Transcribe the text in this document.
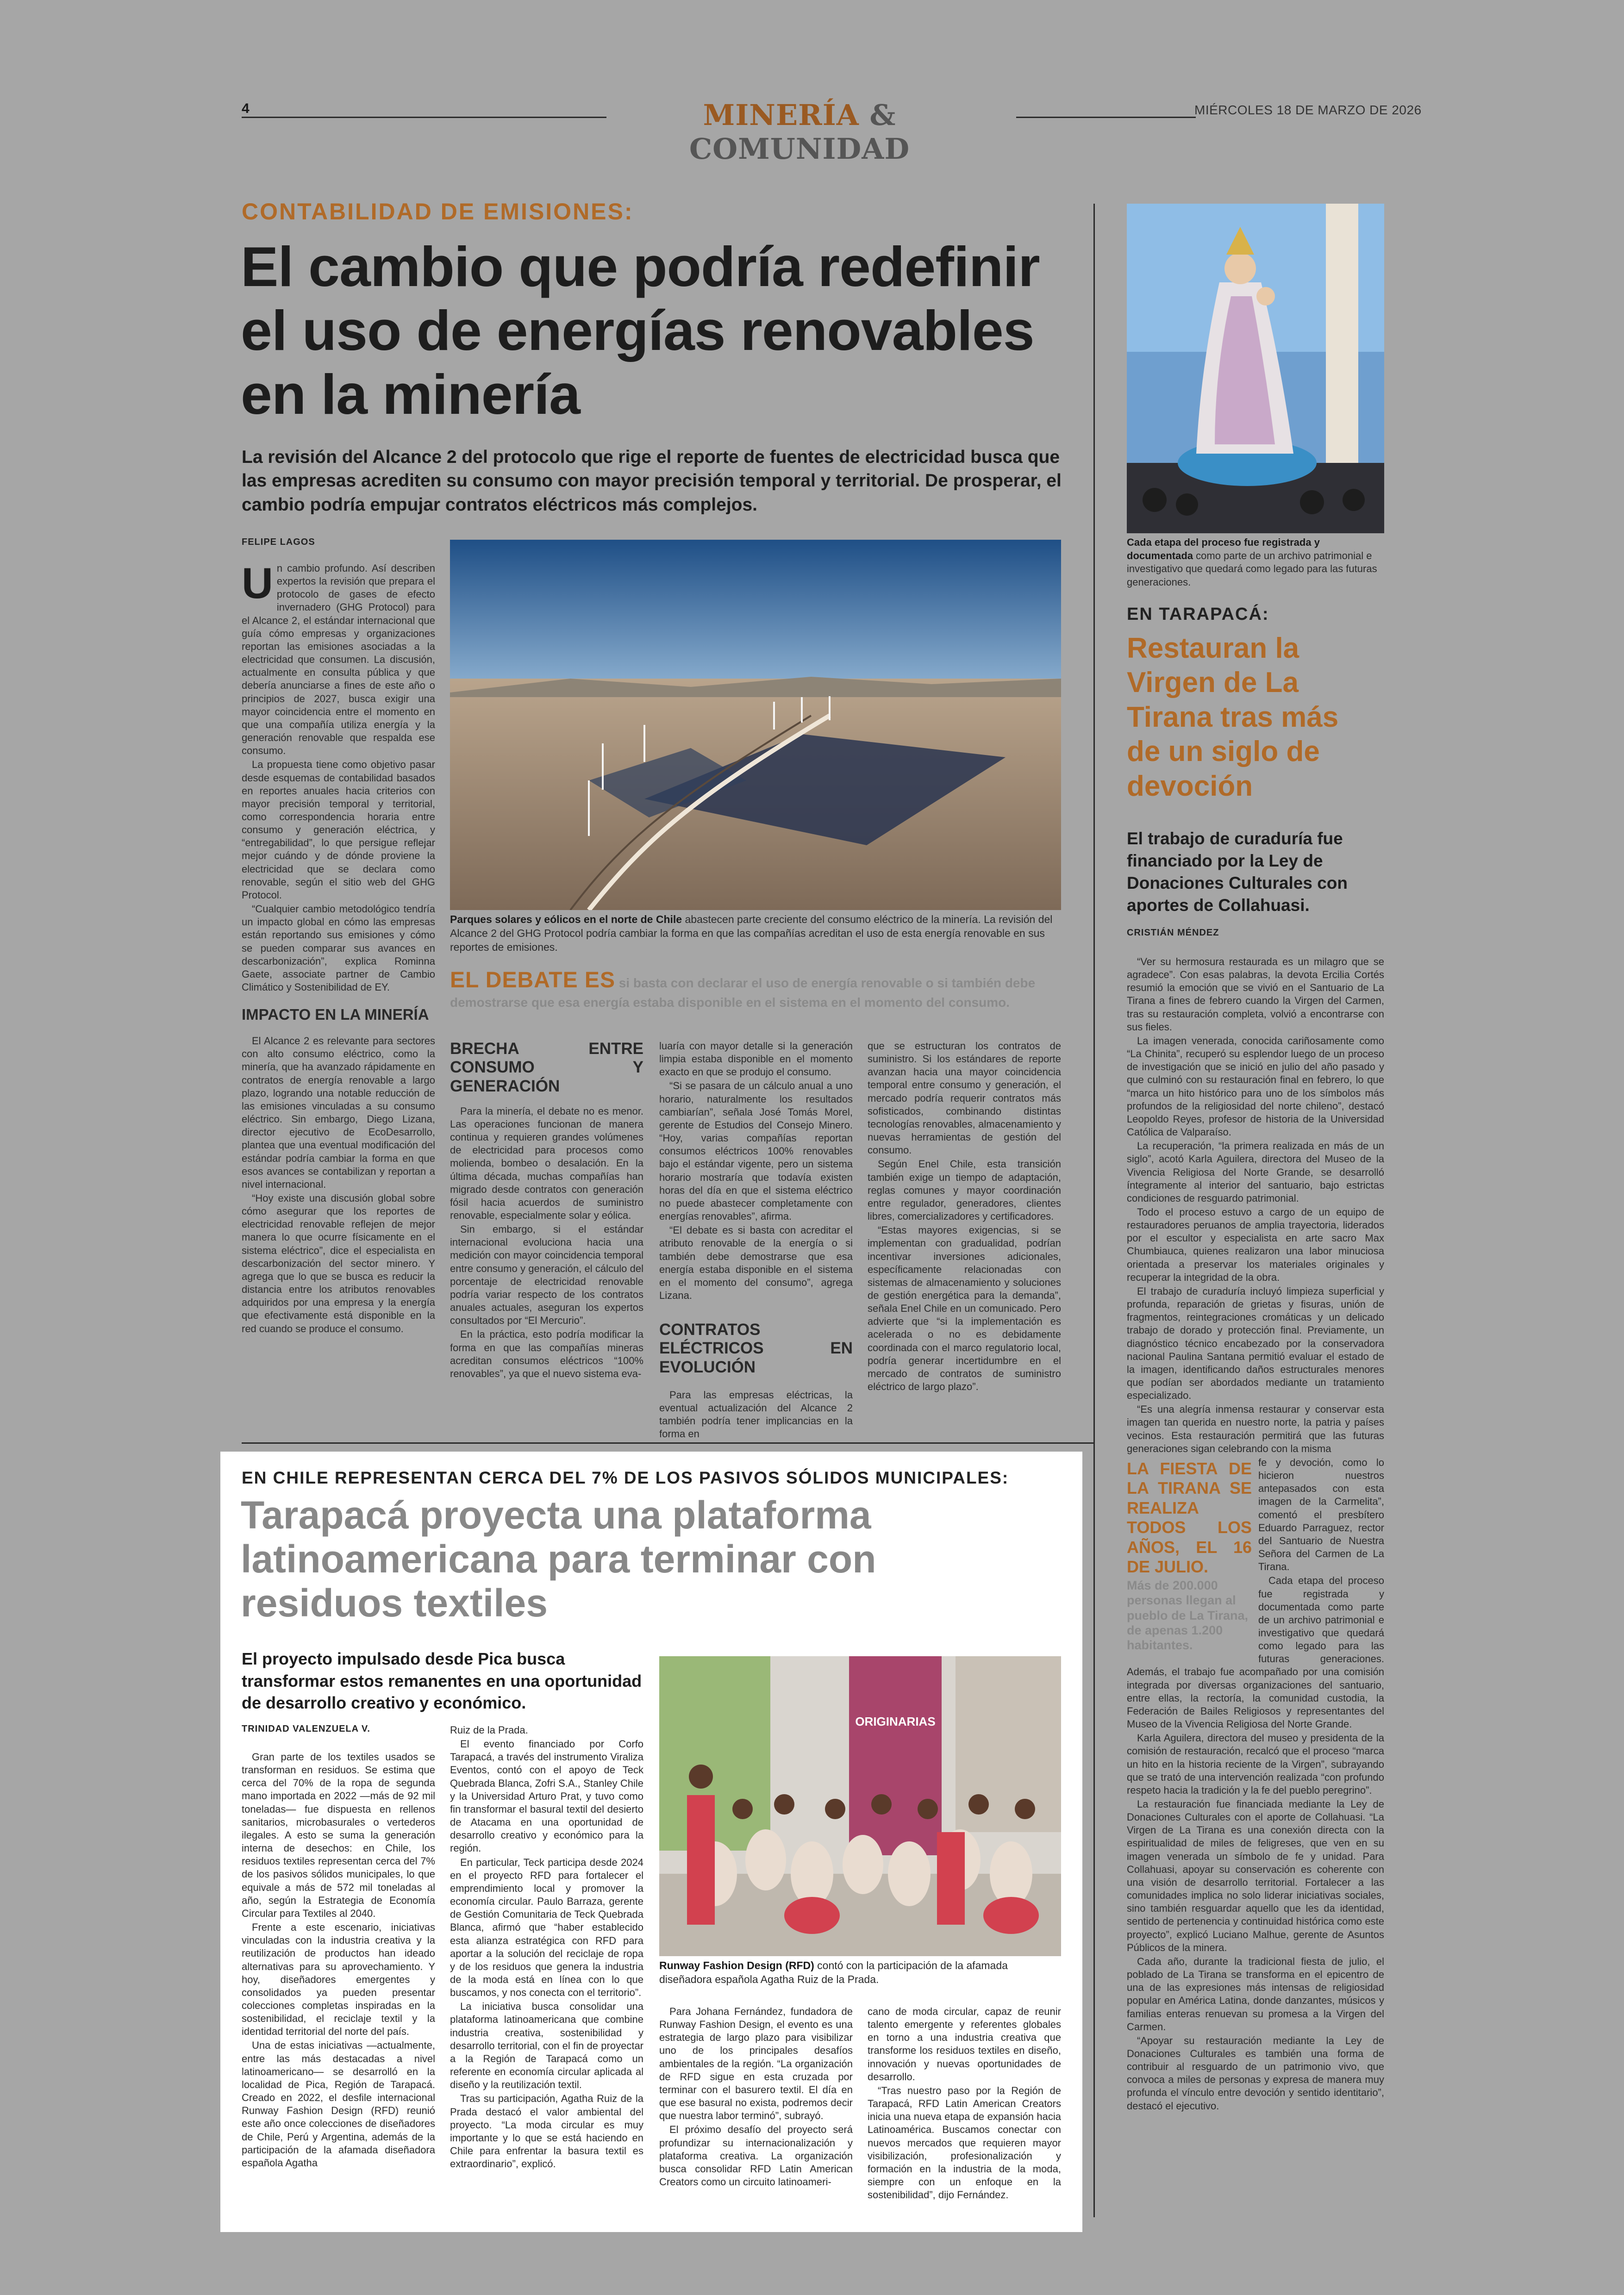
4	MINERÍA & COMUNIDAD
MIÉRCOLES 18 DE MARZO DE 2026
CONTABILIDAD DE EMISIONES:
El cambio que podría redefinir el uso de energías renovables en la minería
La revisión del Alcance 2 del protocolo que rige el reporte de fuentes de electricidad busca que las empresas acrediten su consumo con mayor precisión temporal y territorial. De prosperar, el cambio podría empujar contratos eléctricos más complejos.
FELIPE LAGOS
U n cambio profundo. Así describen expertos la revisión que prepara el protocolo de gases de efecto invernadero (GHG Protocol) para el Alcance 2, el estándar internacional que guía cómo empresas y organizaciones reportan las emisiones asociadas a la electricidad que consumen. La discusión, actualmente en consulta pública y que debería anunciarse a fines de este año o principios de 2027, busca exigir una mayor coincidencia entre el momento en que una compañía utiliza energía y la generación renovable que respalda ese consumo.

La propuesta tiene como objetivo pasar desde esquemas de contabilidad basados en reportes anuales hacia criterios con mayor precisión temporal y territorial, como correspondencia horaria entre consumo y generación eléctrica, y “entregabilidad”, lo que persigue reflejar mejor cuándo y de dónde proviene la electricidad que se declara como renovable, según el sitio web del GHG Protocol.

“Cualquier cambio metodológico tendría un impacto global en cómo las empresas están reportando sus emisiones y cómo se pueden comparar sus avances en descarbonización”, explica Rominna Gaete, associate partner de Cambio Climático y Sostenibilidad de EY.

IMPACTO EN LA MINERÍA

El Alcance 2 es relevante para sectores con alto consumo eléctrico, como la minería, que ha avanzado rápidamente en contratos de energía renovable a largo plazo, logrando una notable reducción de las emisiones vinculadas a su consumo eléctrico. Sin embargo, Diego Lizana, director ejecutivo de EcoDesarrollo, plantea que una eventual modificación del estándar podría cambiar la forma en que esos avances se contabilizan y reportan a nivel internacional.

“Hoy existe una discusión global sobre cómo asegurar que los reportes de electricidad renovable reflejen de mejor manera lo que ocurre físicamente en el sistema eléctrico”, dice el especialista en descarbonización del sector minero. Y agrega que lo que se busca es reducir la distancia entre los atributos renovables adquiridos por una empresa y la energía que efectivamente está disponible en la red cuando se produce el consumo.

Parques solares y eólicos en el norte de Chile abastecen parte creciente del consumo eléctrico de la minería. La revisión del Alcance 2 del GHG Protocol podría cambiar la forma en que las compañías acreditan el uso de esta energía renovable en sus reportes de emisiones.
EL DEBATE ES si basta con declarar el uso de energía renovable o si también debe demostrarse que esa energía estaba disponible en el sistema en el momento del consumo.
BRECHA ENTRE CONSUMO Y GENERACIÓN

Para la minería, el debate no es menor. Las operaciones funcionan de manera continua y requieren grandes volúmenes de electricidad para procesos como molienda, bombeo o desalación. En la última década, muchas compañías han migrado desde contratos con generación fósil hacia acuerdos de suministro renovable, especialmente solar y eólica.

Sin embargo, si el estándar internacional evoluciona hacia una medición con mayor coincidencia temporal entre consumo y generación, el cálculo del porcentaje de electricidad renovable podría variar respecto de los contratos anuales actuales, aseguran los expertos consultados por “El Mercurio”.

En la práctica, esto podría modificar la forma en que las compañías mineras acreditan consumos eléctricos “100% renovables”, ya que el nuevo sistema eva-

luaría con mayor detalle si la generación limpia estaba disponible en el momento exacto en que se produjo el consumo.

“Si se pasara de un cálculo anual a uno horario, naturalmente los resultados cambiarían”, señala José Tomás Morel, gerente de Estudios del Consejo Minero. “Hoy, varias compañías reportan consumos eléctricos 100% renovables bajo el estándar vigente, pero un sistema horario mostraría que todavía existen horas del día en que el sistema eléctrico no puede abastecer completamente con energías renovables”, afirma.

“El debate es si basta con acreditar el atributo renovable de la energía o si también debe demostrarse que esa energía estaba disponible en el sistema en el momento del consumo”, agrega Lizana.

CONTRATOS ELÉCTRICOS EN EVOLUCIÓN

Para las empresas eléctricas, la eventual actualización del Alcance 2 también podría tener implicancias en la forma en

que se estructuran los contratos de suministro. Si los estándares de reporte avanzan hacia una mayor coincidencia temporal entre consumo y generación, el mercado podría requerir contratos más sofisticados, combinando distintas tecnologías renovables, almacenamiento y nuevas herramientas de gestión del consumo.

Según Enel Chile, esta transición también exige un tiempo de adaptación, reglas comunes y mayor coordinación entre regulador, generadores, clientes libres, comercializadores y certificadores.

“Estas mayores exigencias, si se implementan con gradualidad, podrían incentivar inversiones adicionales, específicamente relacionadas con sistemas de almacenamiento y soluciones de gestión energética para la demanda”, señala Enel Chile en un comunicado. Pero advierte que “si la implementación es acelerada o no es debidamente coordinada con el marco regulatorio local, podría generar incertidumbre en el mercado de contratos de suministro eléctrico de largo plazo”.

Cada etapa del proceso fue registrada y documentada como parte de un archivo patrimonial e investigativo que quedará como legado para las futuras generaciones.
EN TARAPACÁ:
Restauran la Virgen de La Tirana tras más de un siglo de devoción
El trabajo de curaduría fue financiado por la Ley de Donaciones Culturales con aportes de Collahuasi.
CRISTIÁN MÉNDEZ

“Ver su hermosura restaurada es un milagro que se agradece”. Con esas palabras, la devota Ercilia Cortés resumió la emoción que se vivió en el Santuario de La Tirana a fines de febrero cuando la Virgen del Carmen, tras su restauración completa, volvió a encontrarse con sus fieles.

La imagen venerada, conocida cariñosamente como “La Chinita”, recuperó su esplendor luego de un proceso de investigación que se inició en julio del año pasado y que culminó con su restauración final en febrero, lo que “marca un hito histórico para uno de los símbolos más profundos de la religiosidad del norte chileno”, destacó Leopoldo Reyes, profesor de historia de la Universidad Católica de Valparaíso.

La recuperación, “la primera realizada en más de un siglo”, acotó Karla Aguilera, directora del Museo de la Vivencia Religiosa del Norte Grande, se desarrolló íntegramente al interior del santuario, bajo estrictas condiciones de resguardo patrimonial.

Todo el proceso estuvo a cargo de un equipo de restauradores peruanos de amplia trayectoria, liderados por el escultor y especialista en arte sacro Max Chumbiauca, quienes realizaron una labor minuciosa orientada a preservar los materiales originales y recuperar la integridad de la obra.

El trabajo de curaduría incluyó limpieza superficial y profunda, reparación de grietas y fisuras, unión de fragmentos, reintegraciones cromáticas y un delicado trabajo de dorado y protección final. Previamente, un diagnóstico técnico encabezado por la conservadora nacional Paulina Santana permitió evaluar el estado de la imagen, identificando daños estructurales menores que podían ser abordados mediante un tratamiento especializado.

“Es una alegría inmensa restaurar y conservar esta imagen tan querida en nuestro norte, la patria y países vecinos. Esta restauración permitirá que las futuras generaciones sigan celebrando con la misma

LA FIESTA DE LA TIRANA SE REALIZA TODOS LOS AÑOS, EL 16 DE JULIO.
Más de 200.000 personas llegan al pueblo de La Tirana, de apenas 1.200 habitantes.

fe y devoción, como lo hicieron nuestros antepasados con esta imagen de la Carmelita”, comentó el presbítero Eduardo Parraguez, rector del Santuario de Nuestra Señora del Carmen de La Tirana.

Cada etapa del proceso fue registrada y documentada como parte de un archivo patrimonial e investigativo que quedará como legado para las futuras generaciones. Además, el trabajo fue acompañado por una comisión integrada por diversas organizaciones del santuario, entre ellas, la rectoría, la comunidad custodia, la Federación de Bailes Religiosos y representantes del Museo de la Vivencia Religiosa del Norte Grande.

Karla Aguilera, directora del museo y presidenta de la comisión de restauración, recalcó que el proceso “marca un hito en la historia reciente de la Virgen”, subrayando que se trató de una intervención realizada “con profundo respeto hacia la tradición y la fe del pueblo peregrino”.

La restauración fue financiada mediante la Ley de Donaciones Culturales con el aporte de Collahuasi. “La Virgen de La Tirana es una conexión directa con la espiritualidad de miles de feligreses, que ven en su imagen venerada un símbolo de fe y unidad. Para Collahuasi, apoyar su conservación es coherente con una visión de desarrollo territorial. Fortalecer a las comunidades implica no solo liderar iniciativas sociales, sino también resguardar aquello que les da identidad, sentido de pertenencia y continuidad histórica como este proyecto”, explicó Luciano Malhue, gerente de Asuntos Públicos de la minera.

Cada año, durante la tradicional fiesta de julio, el poblado de La Tirana se transforma en el epicentro de una de las expresiones más intensas de religiosidad popular en América Latina, donde danzantes, músicos y familias enteras renuevan su promesa a la Virgen del Carmen.

“Apoyar su restauración mediante la Ley de Donaciones Culturales es también una forma de contribuir al resguardo de un patrimonio vivo, que convoca a miles de personas y expresa de manera muy profunda el vínculo entre devoción y sentido identitario”, destacó el ejecutivo.

EN CHILE REPRESENTAN CERCA DEL 7% DE LOS PASIVOS SÓLIDOS MUNICIPALES:
Tarapacá proyecta una plataforma latinoamericana para terminar con residuos textiles
El proyecto impulsado desde Pica busca transformar estos remanentes en una oportunidad de desarrollo creativo y económico.
TRINIDAD VALENZUELA V.

Gran parte de los textiles usados se transforman en residuos. Se estima que cerca del 70% de la ropa de segunda mano importada en 2022 —más de 92 mil toneladas— fue dispuesta en rellenos sanitarios, microbasurales o vertederos ilegales. A esto se suma la generación interna de desechos: en Chile, los residuos textiles representan cerca del 7% de los pasivos sólidos municipales, lo que equivale a más de 572 mil toneladas al año, según la Estrategia de Economía Circular para Textiles al 2040.

Frente a este escenario, iniciativas vinculadas con la industria creativa y la reutilización de productos han ideado alternativas para su aprovechamiento. Y hoy, diseñadores emergentes y consolidados ya pueden presentar colecciones completas inspiradas en la sostenibilidad, el reciclaje textil y la identidad territorial del norte del país.

Una de estas iniciativas —actualmente, entre las más destacadas a nivel latinoamericano— se desarrolló en la localidad de Pica, Región de Tarapacá. Creado en 2022, el desfile internacional Runway Fashion Design (RFD) reunió este año once colecciones de diseñadores de Chile, Perú y Argentina, además de la participación de la afamada diseñadora española Agatha

Ruiz de la Prada.

El evento financiado por Corfo Tarapacá, a través del instrumento Viraliza Eventos, contó con el apoyo de Teck Quebrada Blanca, Zofri S.A., Stanley Chile y la Universidad Arturo Prat, y tuvo como fin transformar el basural textil del desierto de Atacama en una oportunidad de desarrollo creativo y económico para la región.

En particular, Teck participa desde 2024 en el proyecto RFD para fortalecer el emprendimiento local y promover la economía circular. Paulo Barraza, gerente de Gestión Comunitaria de Teck Quebrada Blanca, afirmó que “haber establecido esta alianza estratégica con RFD para aportar a la solución del reciclaje de ropa y de los residuos que genera la industria de la moda está en línea con lo que buscamos, y nos conecta con el territorio”.

La iniciativa busca consolidar una plataforma latinoamericana que combine industria creativa, sostenibilidad y desarrollo territorial, con el fin de proyectar a la Región de Tarapacá como un referente en economía circular aplicada al diseño y la reutilización textil.

Tras su participación, Agatha Ruiz de la Prada destacó el valor ambiental del proyecto. “La moda circular es muy importante y lo que se está haciendo en Chile para enfrentar la basura textil es extraordinario”, explicó.

ORIGINARIAS
Runway Fashion Design (RFD) contó con la participación de la afamada diseñadora española Agatha Ruiz de la Prada.

Para Johana Fernández, fundadora de Runway Fashion Design, el evento es una estrategia de largo plazo para visibilizar uno de los principales desafíos ambientales de la región. “La organización de RFD sigue en esta cruzada por terminar con el basurero textil. El día en que ese basural no exista, podremos decir que nuestra labor terminó”, subrayó.

El próximo desafío del proyecto será profundizar su internacionalización y plataforma creativa. La organización busca consolidar RFD Latin American Creators como un circuito latinoameri-

cano de moda circular, capaz de reunir talento emergente y referentes globales en torno a una industria creativa que transforme los residuos textiles en diseño, innovación y nuevas oportunidades de desarrollo.

“Tras nuestro paso por la Región de Tarapacá, RFD Latin American Creators inicia una nueva etapa de expansión hacia Latinoamérica. Buscamos conectar con nuevos mercados que requieren mayor visibilización, profesionalización y formación en la industria de la moda, siempre con un enfoque en la sostenibilidad”, dijo Fernández.
